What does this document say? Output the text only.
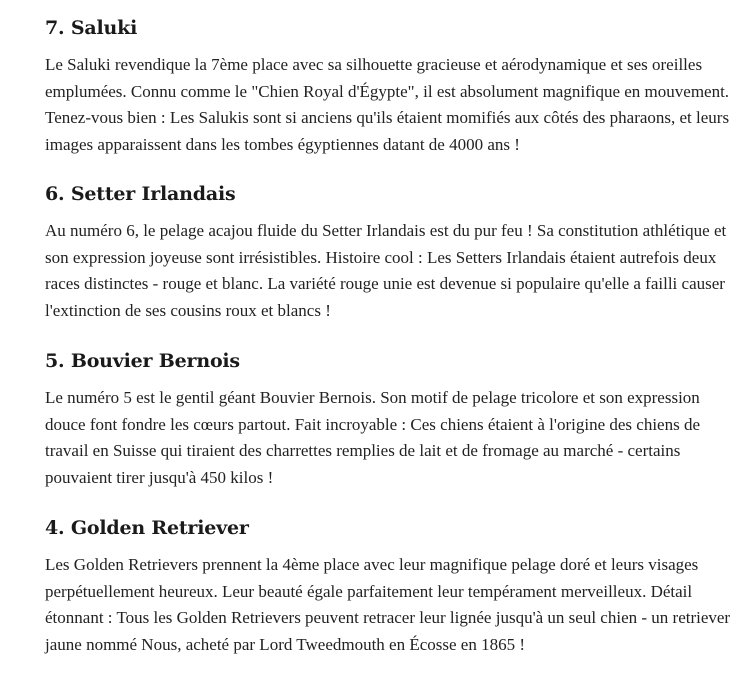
7. Saluki

Le Saluki revendique la 7ème place avec sa silhouette gracieuse et aérodynamique et ses oreilles emplumées. Connu comme le "Chien Royal d'Égypte", il est absolument magnifique en mouvement. Tenez-vous bien : Les Salukis sont si anciens qu'ils étaient momifiés aux côtés des pharaons, et leurs images apparaissent dans les tombes égyptiennes datant de 4000 ans !

6. Setter Irlandais

Au numéro 6, le pelage acajou fluide du Setter Irlandais est du pur feu ! Sa constitution athlétique et son expression joyeuse sont irrésistibles. Histoire cool : Les Setters Irlandais étaient autrefois deux races distinctes - rouge et blanc. La variété rouge unie est devenue si populaire qu'elle a failli causer l'extinction de ses cousins roux et blancs !

5. Bouvier Bernois

Le numéro 5 est le gentil géant Bouvier Bernois. Son motif de pelage tricolore et son expression douce font fondre les cœurs partout. Fait incroyable : Ces chiens étaient à l'origine des chiens de travail en Suisse qui tiraient des charrettes remplies de lait et de fromage au marché - certains pouvaient tirer jusqu'à 450 kilos !

4. Golden Retriever

Les Golden Retrievers prennent la 4ème place avec leur magnifique pelage doré et leurs visages perpétuellement heureux. Leur beauté égale parfaitement leur tempérament merveilleux. Détail étonnant : Tous les Golden Retrievers peuvent retracer leur lignée jusqu'à un seul chien - un retriever jaune nommé Nous, acheté par Lord Tweedmouth en Écosse en 1865 !
